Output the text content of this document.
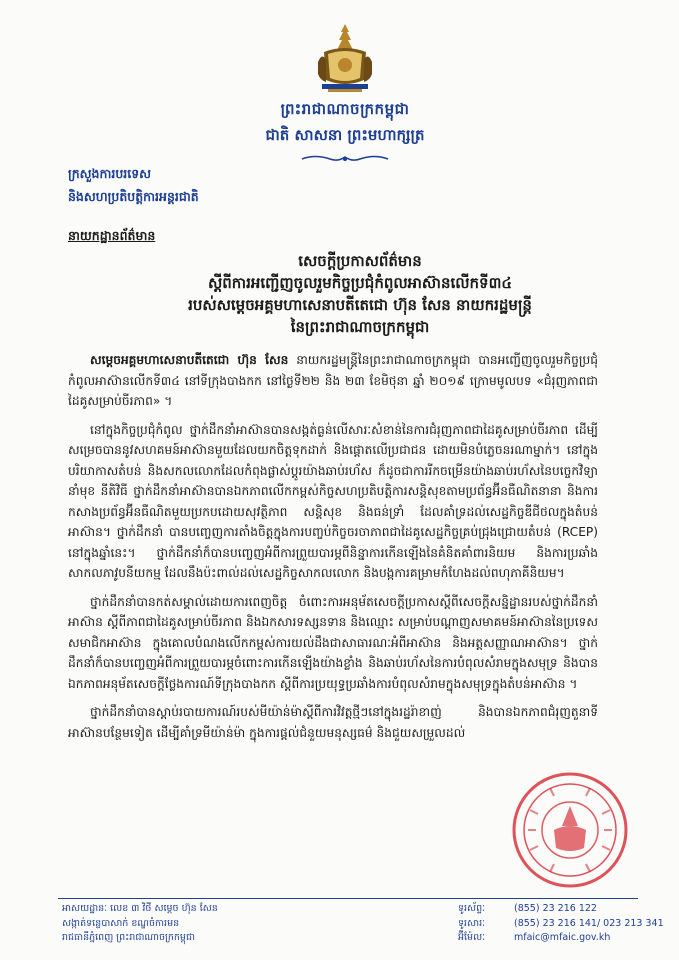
ព្រះរាជាណាចក្រកម្ពុជា
ជាតិ សាសនា ព្រះមហាក្សត្រ
ក្រសួងការបរទេស
និងសហប្រតិបត្តិការអន្តរជាតិ
នាយកដ្ឋានព័ត៌មាន
សេចក្តីប្រកាសព័ត៌មាន
ស្តីពីការអញ្ជើញចូលរួមកិច្ចប្រជុំកំពូលអាស៊ានលើកទី៣៤
របស់សម្តេចអគ្គមហាសេនាបតីតេជោ ហ៊ុន សែន នាយករដ្ឋមន្ត្រី
នៃព្រះរាជាណាចក្រកម្ពុជា

សម្តេចអគ្គមហាសេនាបតីតេជោ ហ៊ុន សែន នាយករដ្ឋមន្ត្រីនៃព្រះរាជាណាចក្រកម្ពុជា បានអញ្ជើញចូលរួមកិច្ចប្រជុំកំពូលអាស៊ានលើកទី៣៤ នៅទីក្រុងបាងកក នៅថ្ងៃទី២២ និង ២៣ ខែមិថុនា ឆ្នាំ ២០១៩ ក្រោមមូលបទ «ជំរុញភាពជាដៃគូសម្រាប់ចីរភាព» ។

នៅក្នុងកិច្ចប្រជុំកំពូល ថ្នាក់ដឹកនាំអាស៊ានបានសង្កត់ធ្ងន់លើសារៈសំខាន់នៃការជំរុញភាពជាដៃគូសម្រាប់ចីរភាព ដើម្បីសម្រេចបាននូវសហគមន៍អាស៊ានមួយដែលយកចិត្តទុកដាក់ និងផ្តោតលើប្រជាជន ដោយមិនបំភ្លេចនរណាម្នាក់។ នៅក្នុងបរិយាកាសតំបន់ និងសកលលោកដែលកំពុងផ្លាស់ប្តូរយ៉ាងឆាប់រហ័ស ក៏ដូចជាការរីកចម្រើនយ៉ាងឆាប់រហ័សនៃបច្ចេកវិទ្យា នាំមុខ នីតិវិធី ថ្នាក់ដឹកនាំអាស៊ានបានឯកភាពលើកកម្ពស់កិច្ចសហប្រតិបត្តិការសន្តិសុខតាមប្រព័ន្ធអ៊ីនធឺណិតនានា និងការកសាងប្រព័ន្ធអ៊ីនធឺណិតមួយប្រកបដោយសុវត្ថិភាព សន្តិសុខ និងធន់ទ្រាំ ដែលគាំទ្រដល់សេដ្ឋកិច្ចឌីជីថលក្នុងតំបន់អាស៊ាន។ ថ្នាក់ដឹកនាំ បានបញ្ចេញការតាំងចិត្តក្នុងការបញ្ចប់កិច្ចចរចាភាពជាដៃគូសេដ្ឋកិច្ចគ្រប់ជ្រុងជ្រោយតំបន់ (RCEP) នៅក្នុងឆ្នាំនេះ។ ថ្នាក់ដឹកនាំក៏បានបញ្ចេញអំពីការព្រួយបារម្ភពីនិន្នាការកើនឡើងនៃគំនិតគាំពារនិយម និងការប្រឆាំងសាកលភាវូបនីយកម្ម ដែលនឹងប៉ះពាល់ដល់សេដ្ឋកិច្ចសាកលលោក និងបង្កការគម្រាមកំហែងដល់ពហុភាគីនិយម។

ថ្នាក់ដឹកនាំបានកត់សម្គាល់ដោយការពេញចិត្ត ចំពោះការអនុម័តសេចក្តីប្រកាសស្តីពីសេចក្តីសន្និដ្ឋានរបស់ថ្នាក់ដឹកនាំអាស៊ាន ស្តីពីភាពជាដៃគូសម្រាប់ចីរភាព និងឯកសារទស្សនទាន និងឈ្មោះ សម្រាប់បណ្តាញសមាគមន៍អាស៊ាននៃប្រទេសសមាជិកអាស៊ាន ក្នុងគោលបំណងលើកកម្ពស់ការយល់ដឹងជាសាធារណៈអំពីអាស៊ាន និងអត្តសញ្ញាណអាស៊ាន។ ថ្នាក់ដឹកនាំក៏បានបញ្ចេញអំពីការព្រួយបារម្ភចំពោះការកើនឡើងយ៉ាងខ្លាំង និងឆាប់រហ័សនៃការបំពុលសំរាមក្នុងសមុទ្រ និងបានឯកភាពអនុម័តសេចក្តីថ្លែងការណ៍ទីក្រុងបាងកក ស្តីពីការប្រយុទ្ធប្រឆាំងការបំពុលសំរាមក្នុងសមុទ្រក្នុងតំបន់អាស៊ាន ។

ថ្នាក់ដឹកនាំបានស្តាប់របាយការណ៍របស់មីយ៉ាន់ម៉ាស្តីពីការវិវត្តថ្មីៗនៅក្នុងរដ្ឋរ៉ាខាញ់ និងបានឯកភាពជំរុញតួនាទីអាស៊ានបន្ថែមទៀត ដើម្បីគាំទ្រមីយ៉ាន់ម៉ា ក្នុងការផ្តល់ជំនួយមនុស្សធម៌ និងជួយសម្រួលដល់

អាសយដ្ឋានៈ លេខ ៣ វិថី សម្តេច ហ៊ុន សែន
សង្កាត់ទន្លេបាសាក់ ខណ្ឌចំការមន
រាជធានីភ្នំពេញ ព្រះរាជាណាចក្រកម្ពុជា
ទូរស័ព្ទៈ	(855) 23 216 122
ទូរសារៈ	(855) 23 216 141/ 023 213 341
អ៊ីម៉ែលៈ	mfaic@mfaic.gov.kh
